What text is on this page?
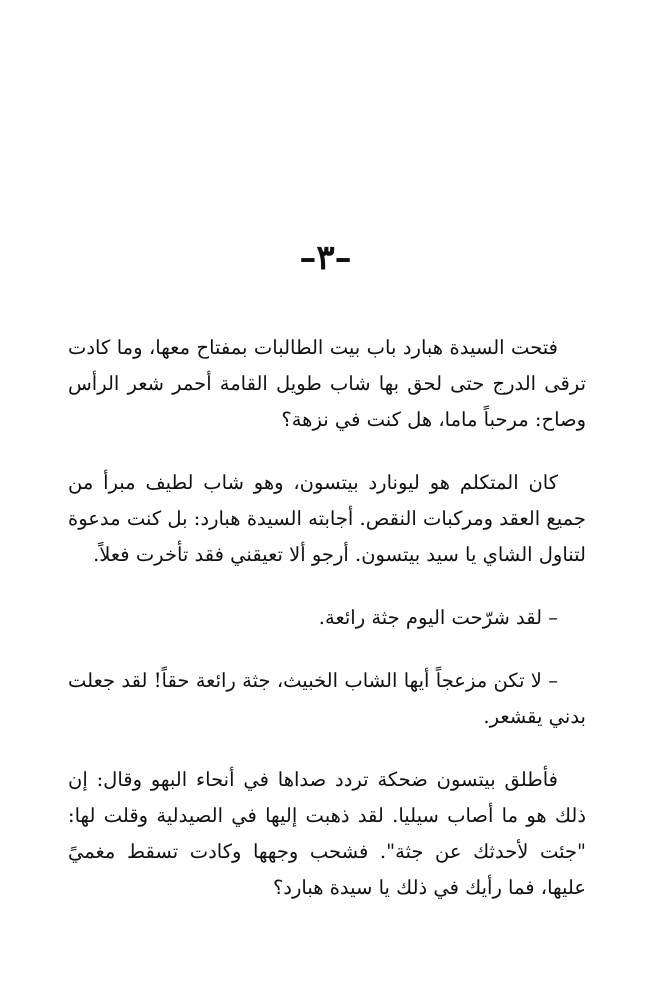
–٣–

فتحت السيدة هبارد باب بيت الطالبات بمفتاح معها، وما كادت ترقى الدرج حتى لحق بها شاب طويل القامة أحمر شعر الرأس وصاح: مرحباً ماما، هل كنت في نزهة؟

كان المتكلم هو ليونارد بيتسون، وهو شاب لطيف مبرأ من جميع العقد ومركبات النقص. أجابته السيدة هبارد: بل كنت مدعوة لتناول الشاي يا سيد بيتسون. أرجو ألا تعيقني فقد تأخرت فعلاً.

– لقد شرّحت اليوم جثة رائعة.

– لا تكن مزعجاً أيها الشاب الخبيث، جثة رائعة حقاً! لقد جعلت بدني يقشعر.

فأطلق بيتسون ضحكة تردد صداها في أنحاء البهو وقال: إن ذلك هو ما أصاب سيليا. لقد ذهبت إليها في الصيدلية وقلت لها: "جئت لأحدثك عن جثة". فشحب وجهها وكادت تسقط مغميً عليها، فما رأيك في ذلك يا سيدة هبارد؟
